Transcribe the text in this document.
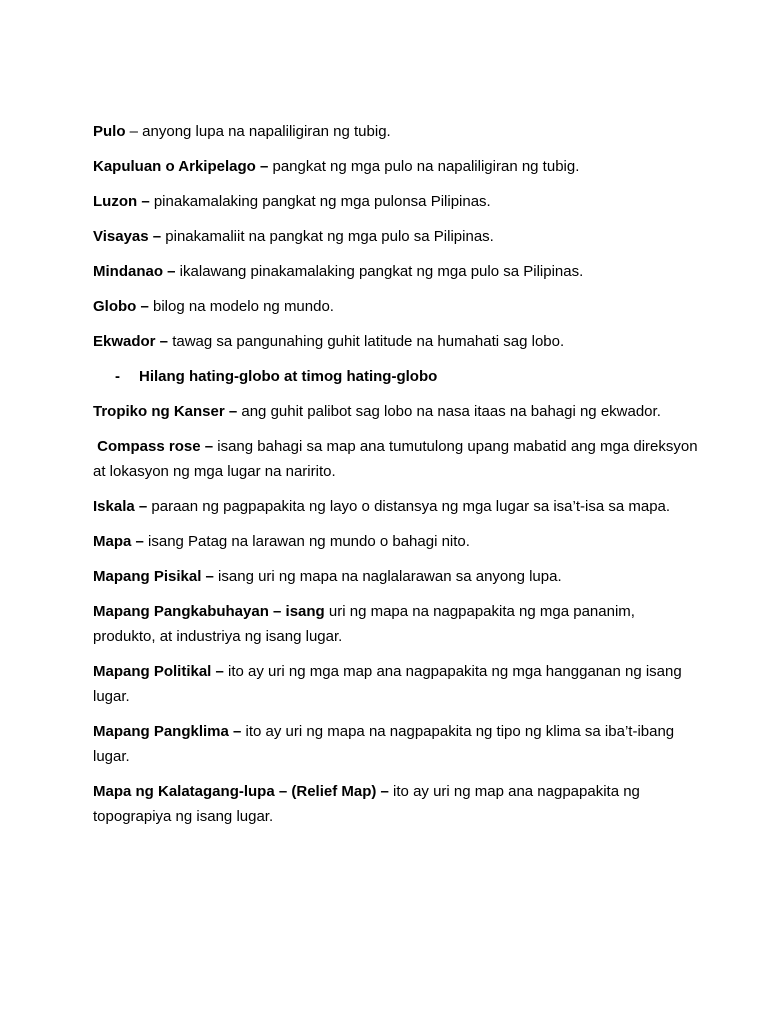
Pulo – anyong lupa na napaliligiran ng tubig.

Kapuluan o Arkipelago – pangkat ng mga pulo na napaliligiran ng tubig.

Luzon – pinakamalaking pangkat ng mga pulonsa Pilipinas.

Visayas – pinakamaliit na pangkat ng mga pulo sa Pilipinas.

Mindanao – ikalawang pinakamalaking pangkat ng mga pulo sa Pilipinas.

Globo – bilog na modelo ng mundo.

Ekwador – tawag sa pangunahing guhit latitude na humahati sag lobo.

-	Hilang hating-globo at timog hating-globo

Tropiko ng Kanser – ang guhit palibot sag lobo na nasa itaas na bahagi ng ekwador.

Compass rose – isang bahagi sa map ana tumutulong upang mabatid ang mga direksyon at lokasyon ng mga lugar na naririto.

Iskala – paraan ng pagpapakita ng layo o distansya ng mga lugar sa isa’t-isa sa mapa.

Mapa – isang Patag na larawan ng mundo o bahagi nito.

Mapang Pisikal – isang uri ng mapa na naglalarawan sa anyong lupa.

Mapang Pangkabuhayan – isang uri ng mapa na nagpapakita ng mga pananim, produkto, at industriya ng isang lugar.

Mapang Politikal – ito ay uri ng mga map ana nagpapakita ng mga hangganan ng isang lugar.

Mapang Pangklima – ito ay uri ng mapa na nagpapakita ng tipo ng klima sa iba’t-ibang lugar.

Mapa ng Kalatagang-lupa – (Relief Map) – ito ay uri ng map ana nagpapakita ng topograpiya ng isang lugar.
